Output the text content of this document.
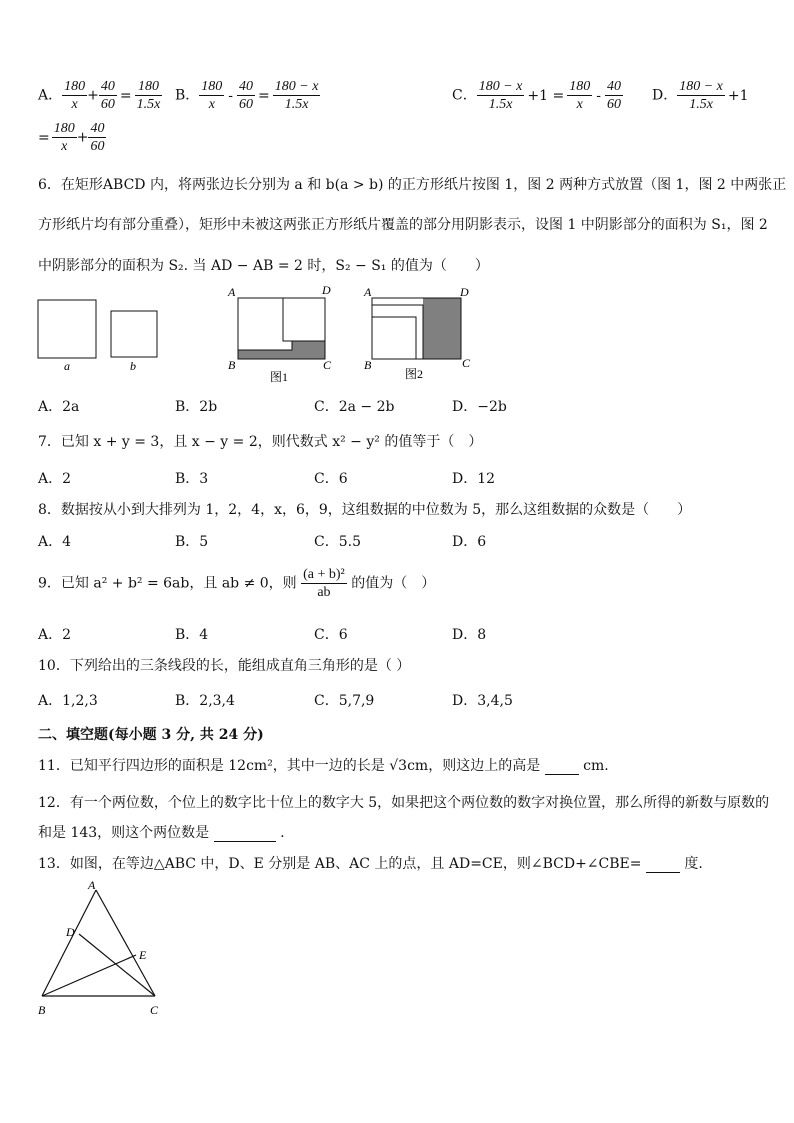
A． $\frac{180}{x} + \frac{40}{60} = \frac{180}{1.5x}$ B． $\frac{180}{x} - \frac{40}{60} = \frac{180 - x}{1.5x}$	C． $\frac{180 - x}{1.5x} +1 = \frac{180}{x} - \frac{40}{60}$ D． $\frac{180 - x}{1.5x} +1$
= $\frac{180}{x} + \frac{40}{60}$
6．在矩形ABCD 内，将两张边长分别为 a 和 b(a > b) 的正方形纸片按图 1，图 2 两种方式放置（图 1，图 2 中两张正
方形纸片均有部分重叠），矩形中未被这两张正方形纸片覆盖的部分用阴影表示，设图 1 中阴影部分的面积为 S₁，图 2
中阴影部分的面积为 S₂. 当 AD − AB = 2 时，S₂ − S₁ 的值为（　　）
a	b
A	D
B	C
图1
A	D
B	C
图2
A．2a	B．2b	C．2a − 2b	D．−2b
7．已知 x + y = 3，且 x − y = 2，则代数式 x² − y² 的值等于（　）
A．2	B．3	C．6	D．12
8．数据按从小到大排列为 1，2，4，x，6，9，这组数据的中位数为 5，那么这组数据的众数是（　　）
A．4	B．5	C．5.5	D．6
9．已知 a² + b² = 6ab，且 ab ≠ 0，则 $\frac{\text{(a + b)²}}{ab}$ 的值为（　）
A．2	B．4	C．6	D．8
10．下列给出的三条线段的长，能组成直角三角形的是（ ）
A．1,2,3	B．2,3,4	C．5,7,9	D．3,4,5
二、填空题(每小题 3 分, 共 24 分)
11．已知平行四边形的面积是 12cm²，其中一边的长是 √3cm，则这边上的高是	cm.
12．有一个两位数，个位上的数字比十位上的数字大 5，如果把这个两位数的数字对换位置，那么所得的新数与原数的
和是 143，则这个两位数是	.
13．如图，在等边△ABC 中，D、E 分别是 AB、AC 上的点，且 AD=CE，则∠BCD+∠CBE=	度.
A
D
E
B	C
